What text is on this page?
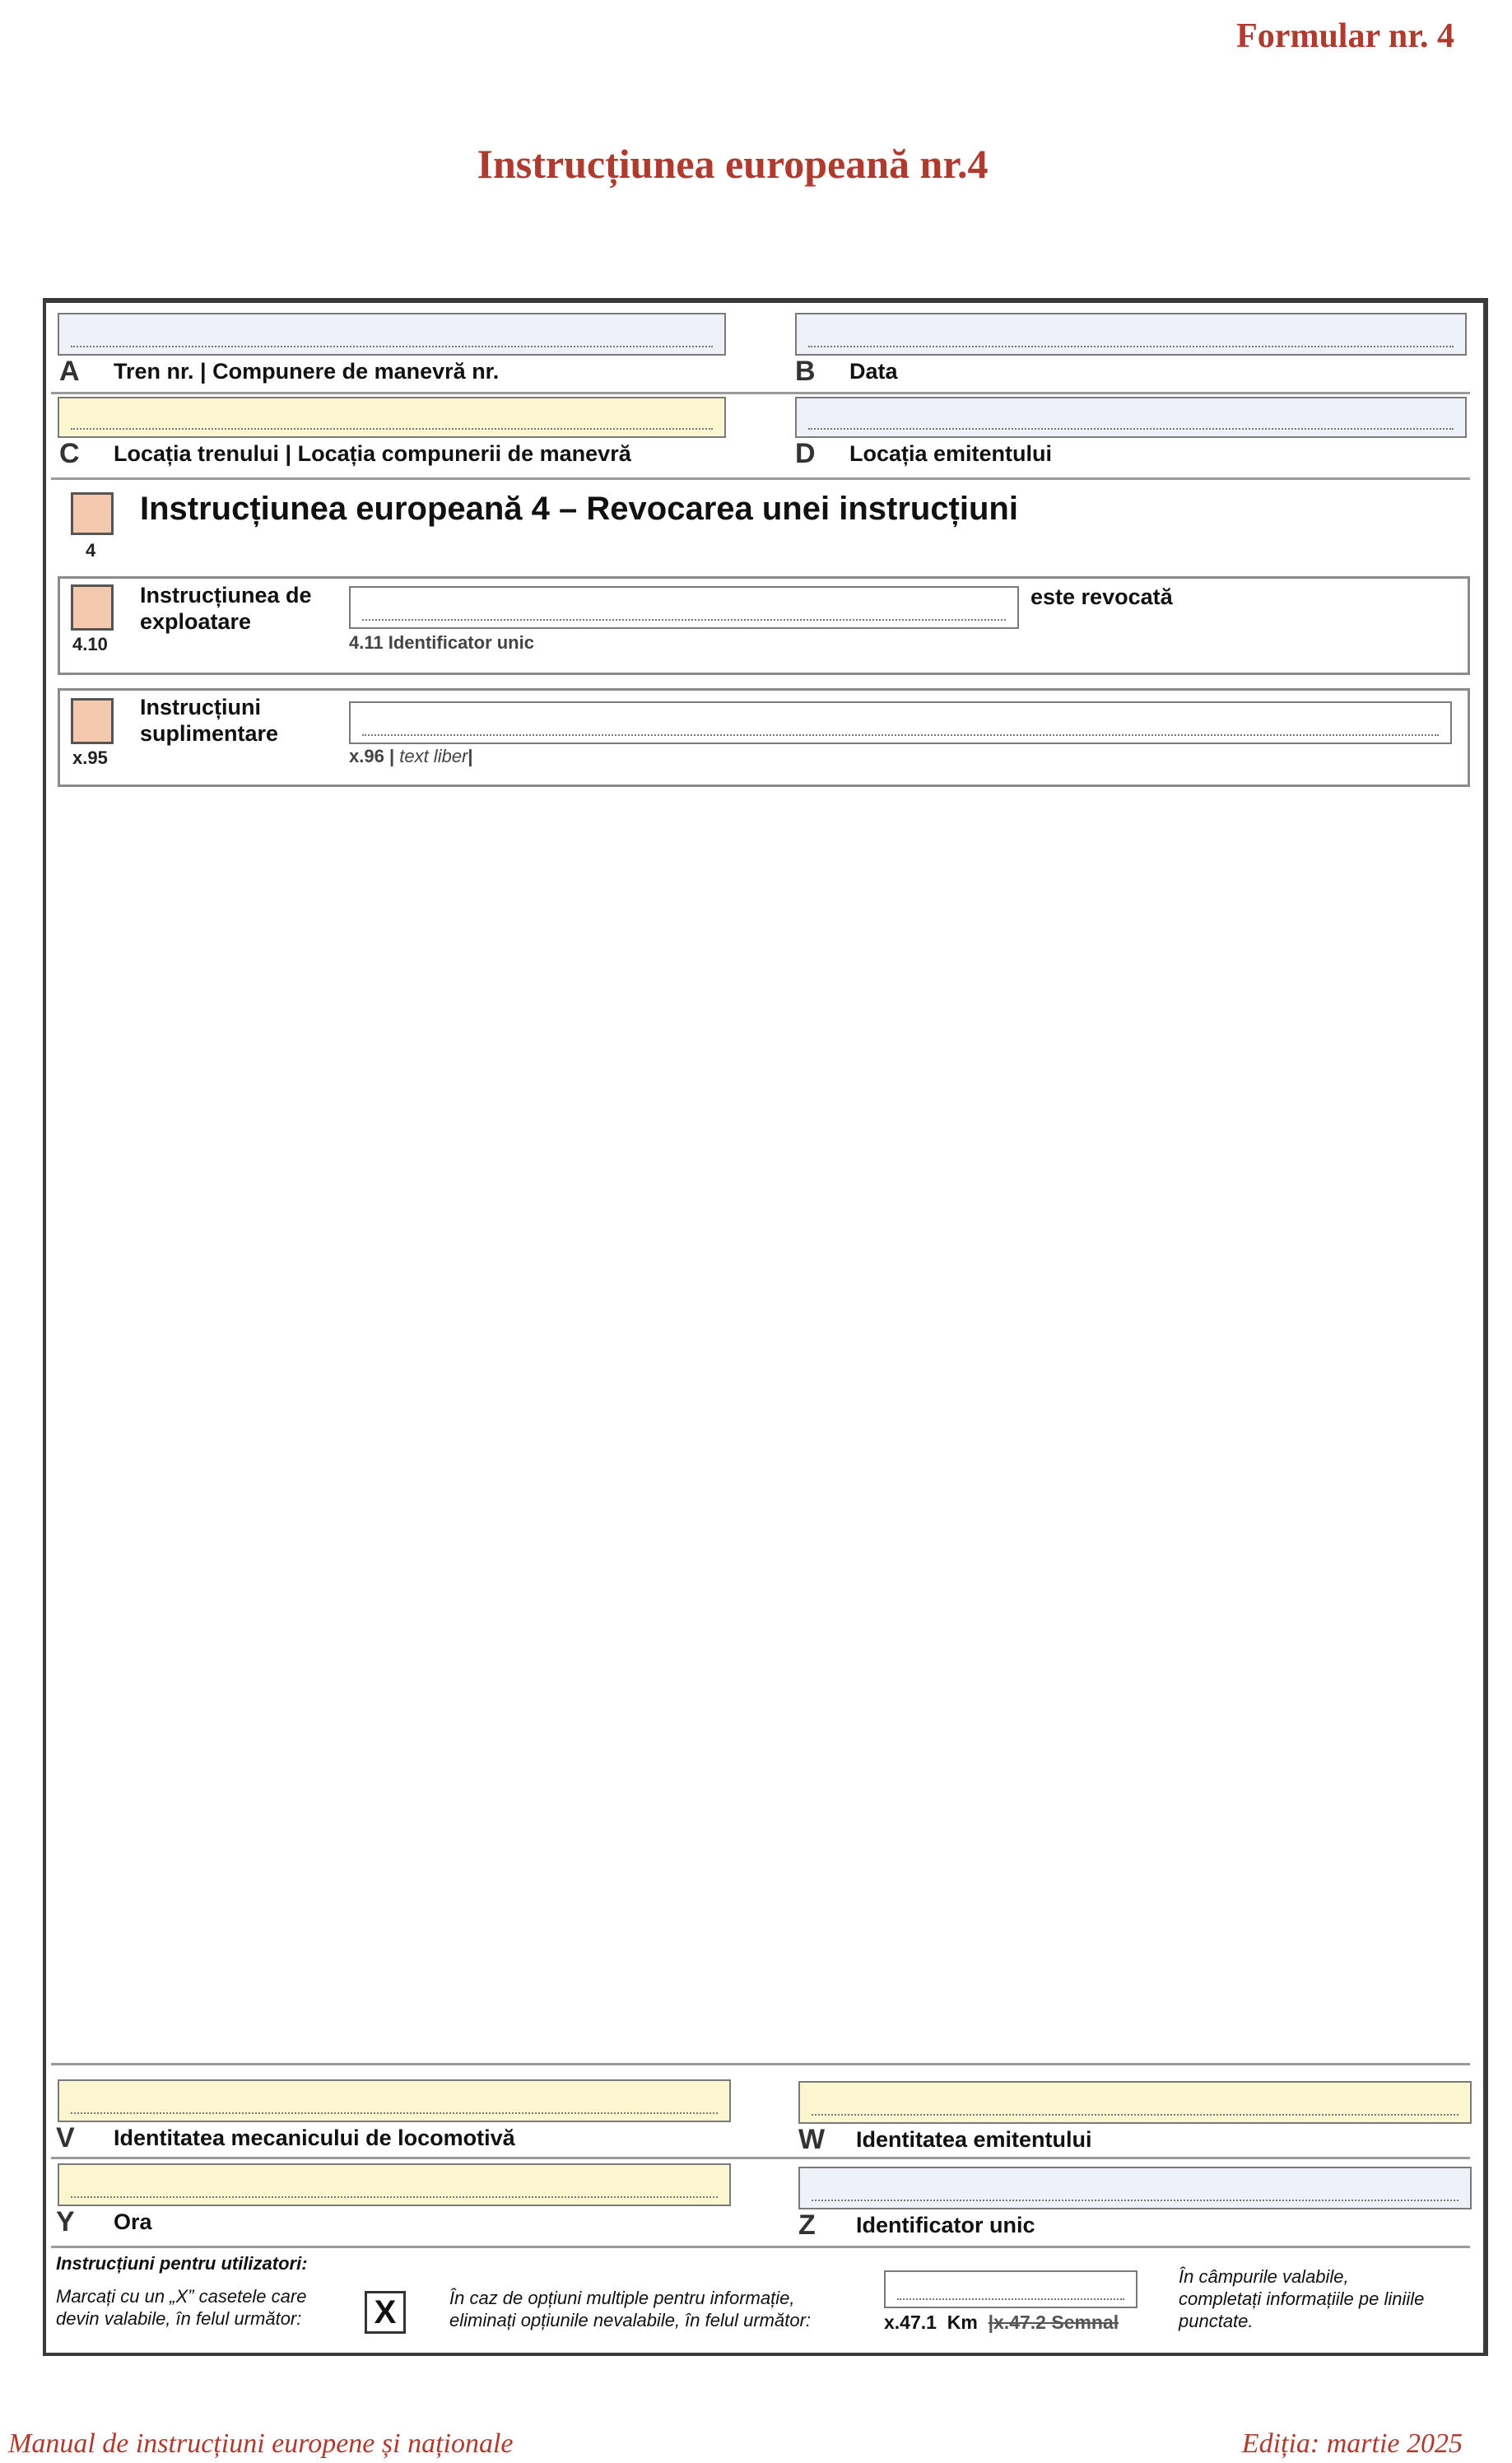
Formular nr. 4
Instrucțiunea europeană nr.4
A Tren nr. | Compunere de manevră nr.	B Data
C Locația trenului | Locația compunerii de manevră	D Locația emitentului
4
Instrucțiunea europeană 4 – Revocarea unei instrucțiuni
4.10
Instrucțiunea de
exploatare
4.11 Identificator unic
este revocată
x.95
Instrucțiuni
suplimentare
x.96 | text liber|
V Identitatea mecanicului de locomotivă	W Identitatea emitentului
Y Ora	Z Identificator unic
Instrucțiuni pentru utilizatori:
Marcați cu un „X” casetele care
devin valabile, în felul următor: X	În caz de opțiuni multiple pentru informație,
eliminați opțiunile nevalabile, în felul următor:	x.47.1 Km |x.47.2 Semnal
În câmpurile valabile,
completați informațiile pe liniile
punctate.
Manual de instrucțiuni europene și naționale	Ediția: martie 2025
